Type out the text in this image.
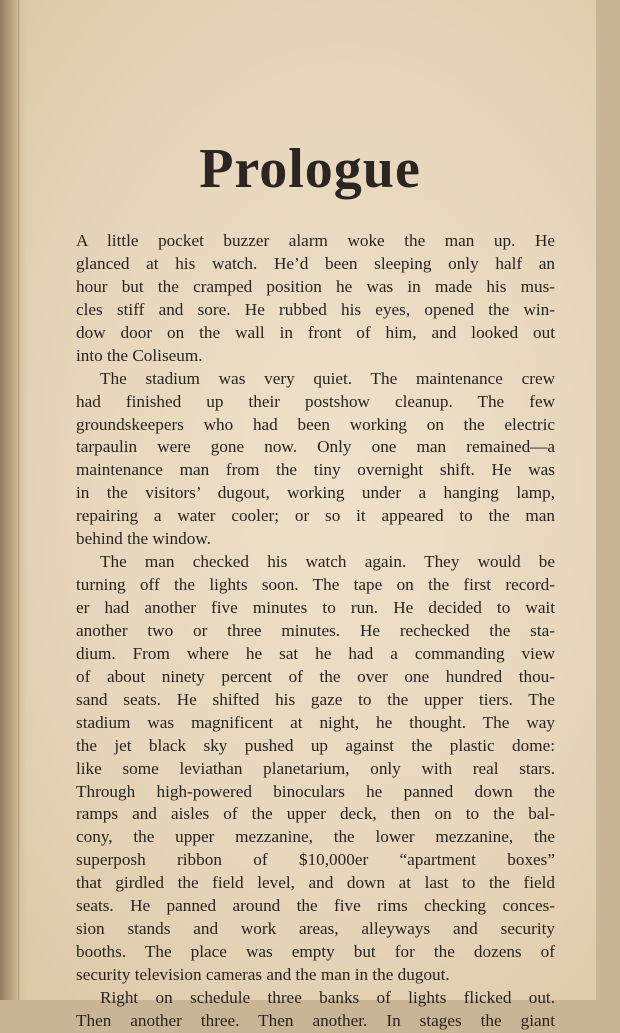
Prologue
A little pocket buzzer alarm woke the man up. He
glanced at his watch. He’d been sleeping only half an
hour but the cramped position he was in made his mus-
cles stiff and sore. He rubbed his eyes, opened the win-
dow door on the wall in front of him, and looked out
into the Coliseum.
The stadium was very quiet. The maintenance crew
had finished up their postshow cleanup. The few
groundskeepers who had been working on the electric
tarpaulin were gone now. Only one man remained—a
maintenance man from the tiny overnight shift. He was
in the visitors’ dugout, working under a hanging lamp,
repairing a water cooler; or so it appeared to the man
behind the window.
The man checked his watch again. They would be
turning off the lights soon. The tape on the first record-
er had another five minutes to run. He decided to wait
another two or three minutes. He rechecked the sta-
dium. From where he sat he had a commanding view
of about ninety percent of the over one hundred thou-
sand seats. He shifted his gaze to the upper tiers. The
stadium was magnificent at night, he thought. The way
the jet black sky pushed up against the plastic dome:
like some leviathan planetarium, only with real stars.
Through high-powered binoculars he panned down the
ramps and aisles of the upper deck, then on to the bal-
cony, the upper mezzanine, the lower mezzanine, the
superposh ribbon of $10,000er “apartment boxes”
that girdled the field level, and down at last to the field
seats. He panned around the five rims checking conces-
sion stands and work areas, alleyways and security
booths. The place was empty but for the dozens of
security television cameras and the man in the dugout.
Right on schedule three banks of lights flicked out.
Then another three. Then another. In stages the giant
